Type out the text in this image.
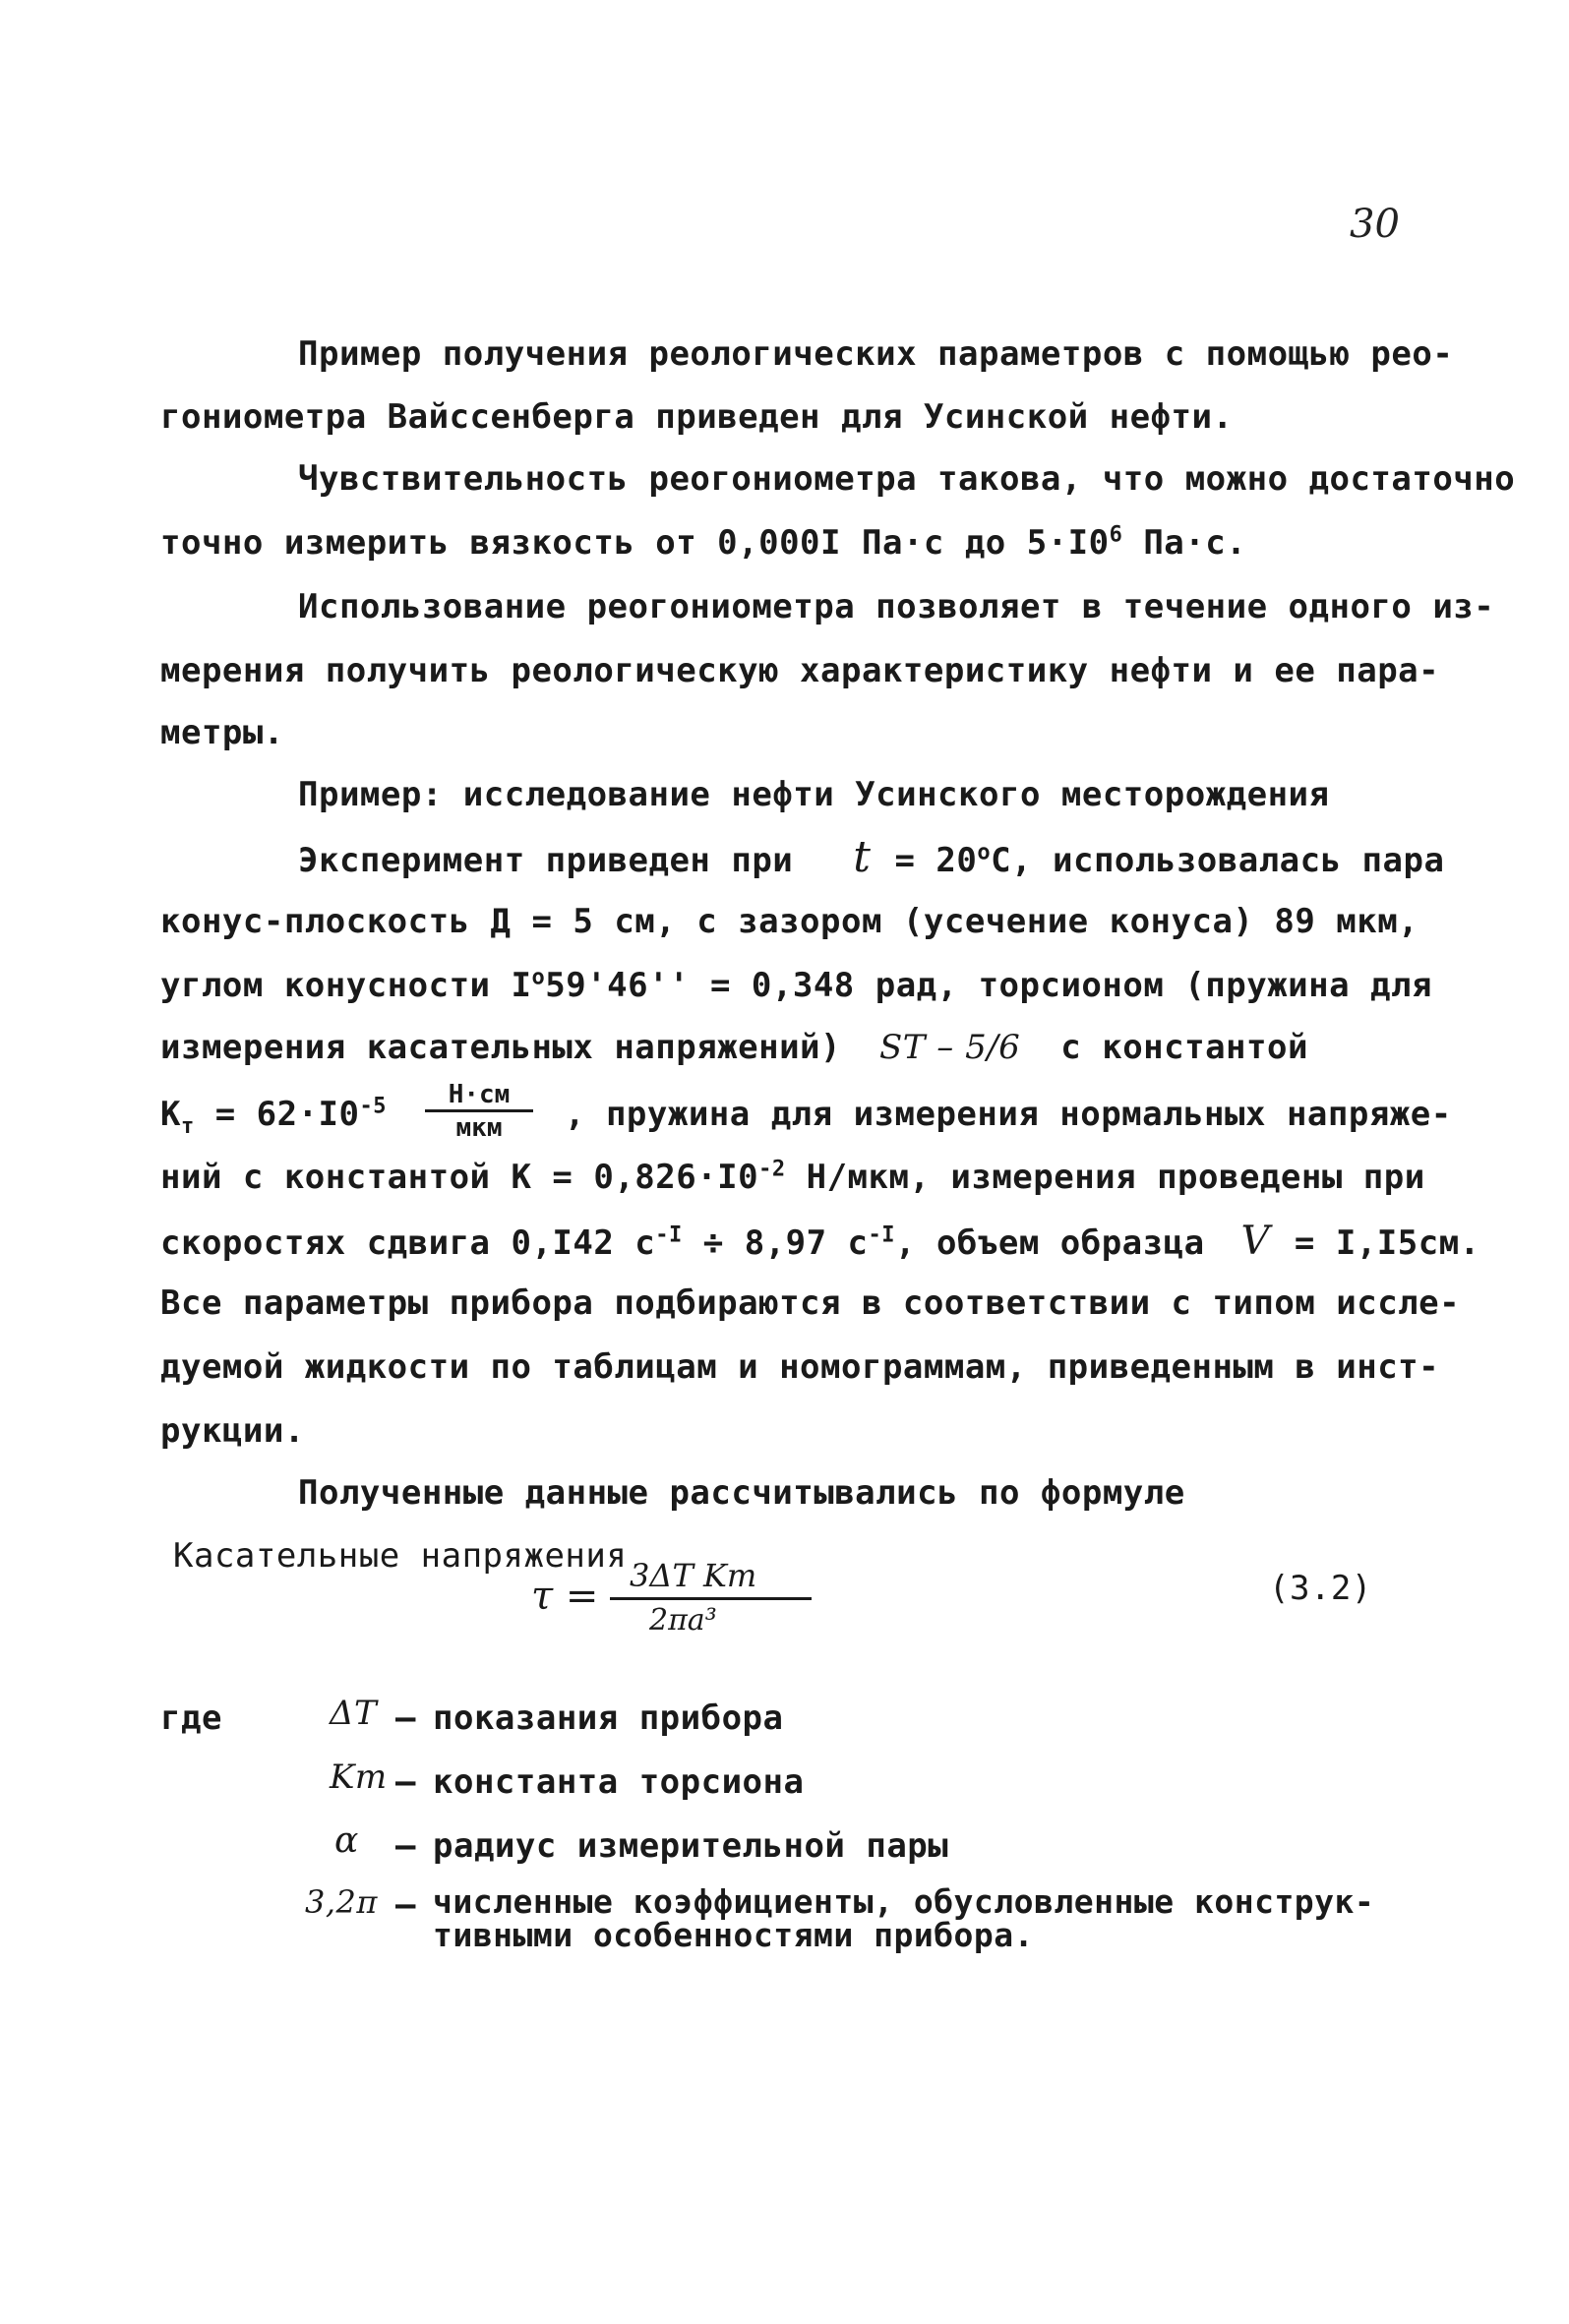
30
Пример получения реологических параметров с помощью рео-
гониометра Вайссенберга приведен для Усинской нефти.
Чувствительность реогониометра такова, что можно достаточно
точно измерить вязкость от 0,000I Па·с до $5\cdot I0^6$ Па·с.
Использование реогониометра позволяет в течение одного из-
мерения получить реологическую характеристику нефти и ее пара-
метры.
Пример: исследование нефти Усинского месторождения
Эксперимент приведен при $t = 20^оС$, использовалась пара
конус-плоскость Д = 5 см, с зазором (усечение конуса) 89 мкм,
углом конусности $I^о59'46'' = 0,348$ рад, торсионом (пружина для
измерения касательных напряжений) ST – 5/6 с константой
$К_т = 62\cdot I0^{-5}$	Н·см
мкм	, пружина для измерения нормальных напряже-
ний с константой $К = 0,826\cdot I0^{-2}$ Н/мкм, измерения проведены при
скоростях сдвига 0,I42 $с^{-I} \div 8,97$ $с^{-I}$, объем образца V = I,I5см.
Все параметры прибора подбираются в соответствии с типом иссле-
дуемой жидкости по таблицам и номограммам, приведенным в инст-
рукции.
Полученные данные рассчитывались по формуле
Касательные напряжения
τ = 3ΔT Kт
2πa³
(3.2)
где	ΔT – показания прибора
Kт – константа торсиона
α – радиус измерительной пары
3,2π – численные коэффициенты, обусловленные конструк-
тивными особенностями прибора.
